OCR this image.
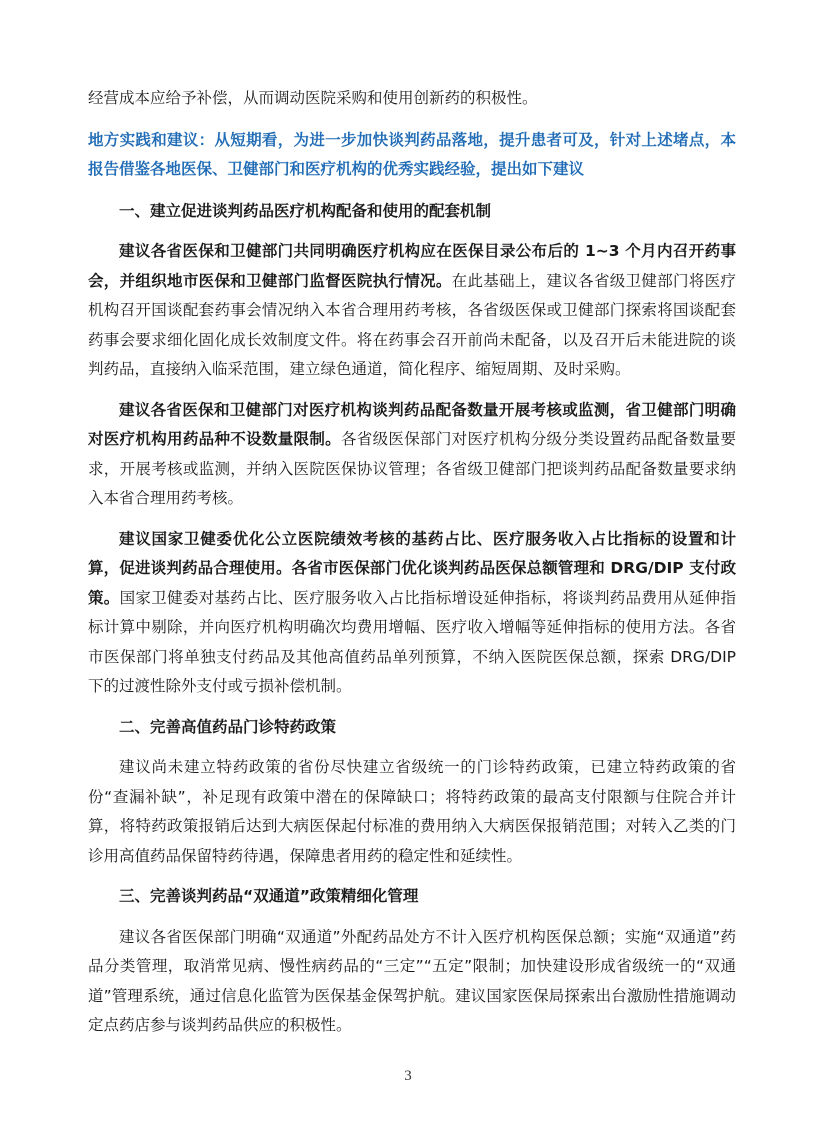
经营成本应给予补偿，从而调动医院采购和使用创新药的积极性。

地方实践和建议：从短期看，为进一步加快谈判药品落地，提升患者可及，针对上述堵点，本报告借鉴各地医保、卫健部门和医疗机构的优秀实践经验，提出如下建议

一、建立促进谈判药品医疗机构配备和使用的配套机制

建议各省医保和卫健部门共同明确医疗机构应在医保目录公布后的 1~3 个月内召开药事会，并组织地市医保和卫健部门监督医院执行情况。在此基础上，建议各省级卫健部门将医疗机构召开国谈配套药事会情况纳入本省合理用药考核，各省级医保或卫健部门探索将国谈配套药事会要求细化固化成长效制度文件。将在药事会召开前尚未配备，以及召开后未能进院的谈判药品，直接纳入临采范围，建立绿色通道，简化程序、缩短周期、及时采购。

建议各省医保和卫健部门对医疗机构谈判药品配备数量开展考核或监测，省卫健部门明确对医疗机构用药品种不设数量限制。各省级医保部门对医疗机构分级分类设置药品配备数量要求，开展考核或监测，并纳入医院医保协议管理；各省级卫健部门把谈判药品配备数量要求纳入本省合理用药考核。

建议国家卫健委优化公立医院绩效考核的基药占比、医疗服务收入占比指标的设置和计算，促进谈判药品合理使用。各省市医保部门优化谈判药品医保总额管理和 DRG/DIP 支付政策。国家卫健委对基药占比、医疗服务收入占比指标增设延伸指标，将谈判药品费用从延伸指标计算中剔除，并向医疗机构明确次均费用增幅、医疗收入增幅等延伸指标的使用方法。各省市医保部门将单独支付药品及其他高值药品单列预算，不纳入医院医保总额，探索 DRG/DIP 下的过渡性除外支付或亏损补偿机制。

二、完善高值药品门诊特药政策

建议尚未建立特药政策的省份尽快建立省级统一的门诊特药政策，已建立特药政策的省份“查漏补缺”，补足现有政策中潜在的保障缺口；将特药政策的最高支付限额与住院合并计算，将特药政策报销后达到大病医保起付标准的费用纳入大病医保报销范围；对转入乙类的门诊用高值药品保留特药待遇，保障患者用药的稳定性和延续性。

三、完善谈判药品“双通道”政策精细化管理

建议各省医保部门明确“双通道”外配药品处方不计入医疗机构医保总额；实施“双通道”药品分类管理，取消常见病、慢性病药品的“三定”“五定”限制；加快建设形成省级统一的“双通道”管理系统，通过信息化监管为医保基金保驾护航。建议国家医保局探索出台激励性措施调动定点药店参与谈判药品供应的积极性。

3
